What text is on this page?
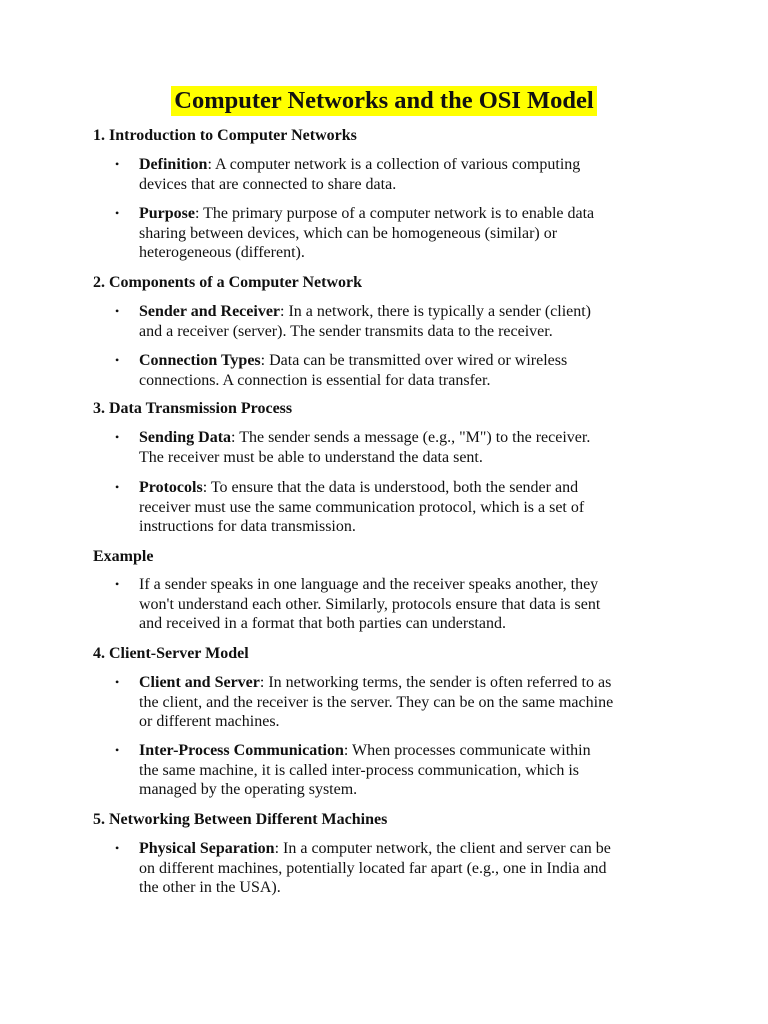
Computer Networks and the OSI Model
1. Introduction to Computer Networks
• Definition: A computer network is a collection of various computing
devices that are connected to share data.
• Purpose: The primary purpose of a computer network is to enable data
sharing between devices, which can be homogeneous (similar) or
heterogeneous (different).
2. Components of a Computer Network
• Sender and Receiver: In a network, there is typically a sender (client)
and a receiver (server). The sender transmits data to the receiver.
• Connection Types: Data can be transmitted over wired or wireless
connections. A connection is essential for data transfer.
3. Data Transmission Process
• Sending Data: The sender sends a message (e.g., "M") to the receiver.
The receiver must be able to understand the data sent.
• Protocols: To ensure that the data is understood, both the sender and
receiver must use the same communication protocol, which is a set of
instructions for data transmission.
Example
• If a sender speaks in one language and the receiver speaks another, they
won't understand each other. Similarly, protocols ensure that data is sent
and received in a format that both parties can understand.
4. Client-Server Model
• Client and Server: In networking terms, the sender is often referred to as
the client, and the receiver is the server. They can be on the same machine
or different machines.
• Inter-Process Communication: When processes communicate within
the same machine, it is called inter-process communication, which is
managed by the operating system.
5. Networking Between Different Machines
• Physical Separation: In a computer network, the client and server can be
on different machines, potentially located far apart (e.g., one in India and
the other in the USA).
